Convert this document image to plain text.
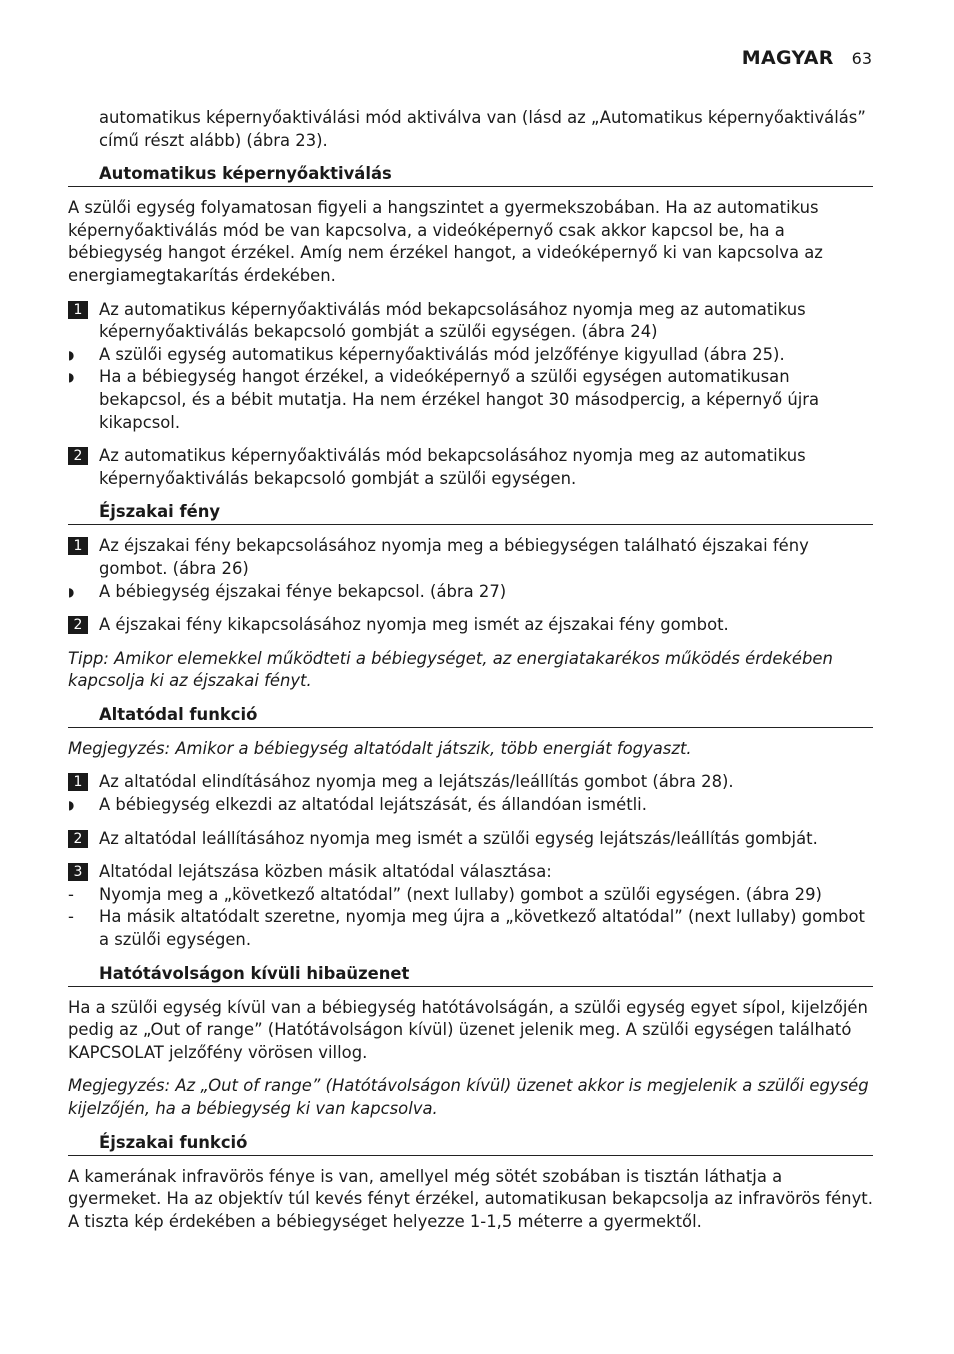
MAGYAR 63

automatikus képernyőaktiválási mód aktiválva van (lásd az „Automatikus képernyőaktiválás” című részt alább) (ábra 23).

Automatikus képernyőaktiválás

A szülői egység folyamatosan figyeli a hangszintet a gyermekszobában. Ha az automatikus képernyőaktiválás mód be van kapcsolva, a videóképernyő csak akkor kapcsol be, ha a bébiegység hangot érzékel. Amíg nem érzékel hangot, a videóképernyő ki van kapcsolva az energiamegtakarítás érdekében.

1	Az automatikus képernyőaktiválás mód bekapcsolásához nyomja meg az automatikus képernyőaktiválás bekapcsoló gombját a szülői egységen. (ábra 24)
◗	A szülői egység automatikus képernyőaktiválás mód jelzőfénye kigyullad (ábra 25).
◗	Ha a bébiegység hangot érzékel, a videóképernyő a szülői egységen automatikusan bekapcsol, és a bébit mutatja. Ha nem érzékel hangot 30 másodpercig, a képernyő újra kikapcsol.
2	Az automatikus képernyőaktiválás mód bekapcsolásához nyomja meg az automatikus képernyőaktiválás bekapcsoló gombját a szülői egységen.
Éjszakai fény
1	Az éjszakai fény bekapcsolásához nyomja meg a bébiegységen található éjszakai fény gombot. (ábra 26)
◗	A bébiegység éjszakai fénye bekapcsol. (ábra 27)
2	A éjszakai fény kikapcsolásához nyomja meg ismét az éjszakai fény gombot.

Tipp: Amikor elemekkel működteti a bébiegységet, az energiatakarékos működés érdekében kapcsolja ki az éjszakai fényt.

Altatódal funkció

Megjegyzés: Amikor a bébiegység altatódalt játszik, több energiát fogyaszt.

1	Az altatódal elindításához nyomja meg a lejátszás/leállítás gombot (ábra 28).
◗	A bébiegység elkezdi az altatódal lejátszását, és állandóan ismétli.
2	Az altatódal leállításához nyomja meg ismét a szülői egység lejátszás/leállítás gombját.
3	Altatódal lejátszása közben másik altatódal választása:
-	Nyomja meg a „következő altatódal” (next lullaby) gombot a szülői egységen. (ábra 29)
-	Ha másik altatódalt szeretne, nyomja meg újra a „következő altatódal” (next lullaby) gombot a szülői egységen.
Hatótávolságon kívüli hibaüzenet

Ha a szülői egység kívül van a bébiegység hatótávolságán, a szülői egység egyet sípol, kijelzőjén pedig az „Out of range” (Hatótávolságon kívül) üzenet jelenik meg. A szülői egységen található KAPCSOLAT jelzőfény vörösen villog.

Megjegyzés: Az „Out of range” (Hatótávolságon kívül) üzenet akkor is megjelenik a szülői egység kijelzőjén, ha a bébiegység ki van kapcsolva.

Éjszakai funkció

A kamerának infravörös fénye is van, amellyel még sötét szobában is tisztán láthatja a gyermeket. Ha az objektív túl kevés fényt érzékel, automatikusan bekapcsolja az infravörös fényt. A tiszta kép érdekében a bébiegységet helyezze 1-1,5 méterre a gyermektől.
